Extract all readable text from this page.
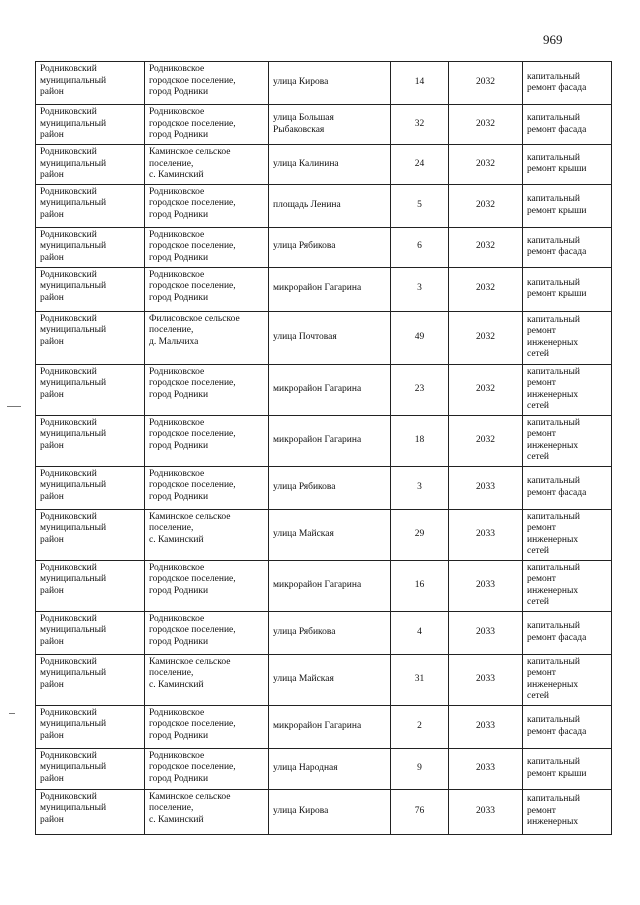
969
Родниковский
муниципальный
район	Родниковское
городское поселение,
город Родники	улица Кирова	14	2032	капитальный
ремонт фасада

Родниковский
муниципальный
район	Родниковское
городское поселение,
город Родники	улица Большая
Рыбаковская	32	2032	капитальный
ремонт фасада

Родниковский
муниципальный
район	Каминское сельское
поселение,
с. Каминский	улица Калинина	24	2032	капитальный
ремонт крыши

Родниковский
муниципальный
район	Родниковское
городское поселение,
город Родники	площадь Ленина	5	2032	капитальный
ремонт крыши

Родниковский
муниципальный
район	Родниковское
городское поселение,
город Родники	улица Рябикова	6	2032	капитальный
ремонт фасада

Родниковский
муниципальный
район	Родниковское
городское поселение,
город Родники	микрорайон Гагарина	3	2032	капитальный
ремонт крыши

Родниковский
муниципальный
район	Филисовское сельское
поселение,
д. Мальчиха	улица Почтовая	49	2032	капитальный
ремонт
инженерных
сетей

Родниковский
муниципальный
район	Родниковское
городское поселение,
город Родники	микрорайон Гагарина	23	2032	капитальный
ремонт
инженерных
сетей

Родниковский
муниципальный
район	Родниковское
городское поселение,
город Родники	микрорайон Гагарина	18	2032	капитальный
ремонт
инженерных
сетей

Родниковский
муниципальный
район	Родниковское
городское поселение,
город Родники	улица Рябикова	3	2033	капитальный
ремонт фасада

Родниковский
муниципальный
район	Каминское сельское
поселение,
с. Каминский	улица Майская	29	2033	капитальный
ремонт
инженерных
сетей

Родниковский
муниципальный
район	Родниковское
городское поселение,
город Родники	микрорайон Гагарина	16	2033	капитальный
ремонт
инженерных
сетей

Родниковский
муниципальный
район	Родниковское
городское поселение,
город Родники	улица Рябикова	4	2033	капитальный
ремонт фасада

Родниковский
муниципальный
район	Каминское сельское
поселение,
с. Каминский	улица Майская	31	2033	капитальный
ремонт
инженерных
сетей

Родниковский
муниципальный
район	Родниковское
городское поселение,
город Родники	микрорайон Гагарина	2	2033	капитальный
ремонт фасада

Родниковский
муниципальный
район	Родниковское
городское поселение,
город Родники	улица Народная	9	2033	капитальный
ремонт крыши

Родниковский
муниципальный
район	Каминское сельское
поселение,
с. Каминский	улица Кирова	76	2033	капитальный
ремонт
инженерных
